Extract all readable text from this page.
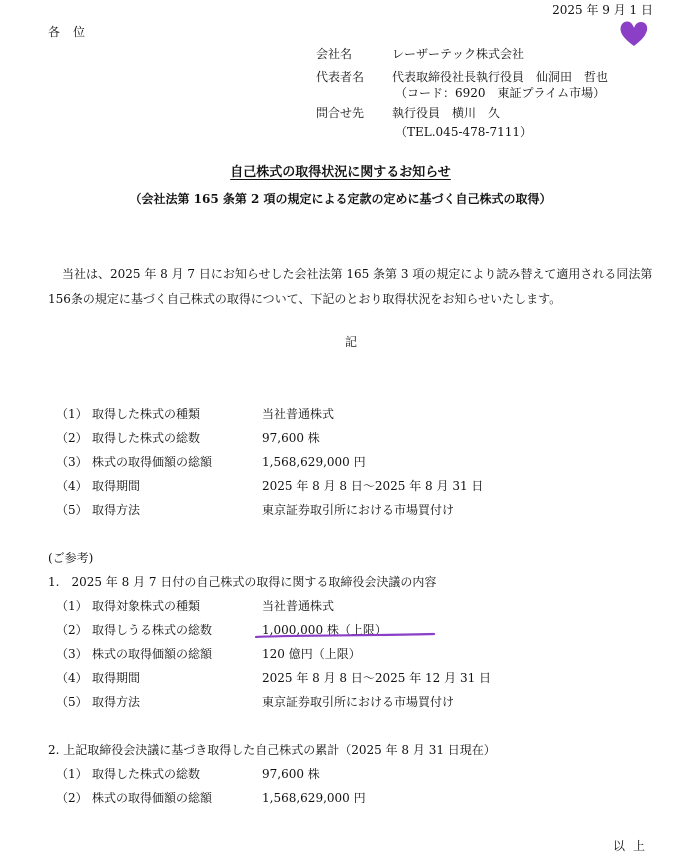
2025 年 9 月 1 日
各　位
会社名	レーザーテック株式会社
代表者名 代表取締役社長執行役員　仙洞田　哲也
（コード：6920　東証プライム市場）
問合せ先 執行役員　横川　久
（TEL.045-478-7111）
自己株式の取得状況に関するお知らせ
（会社法第 165 条第 2 項の規定による定款の定めに基づく自己株式の取得）
当社は、2025 年 8 月 7 日にお知らせした会社法第 165 条第 3 項の規定により読み替えて適用される同法第156条の規定に基づく自己株式の取得について、下記のとおり取得状況をお知らせいたします。
記
（1） 取得した株式の種類	当社普通株式
（2） 取得した株式の総数	97,600 株
（3） 株式の取得価額の総額	1,568,629,000 円
（4） 取得期間	2025 年 8 月 8 日～2025 年 8 月 31 日
（5） 取得方法	東京証券取引所における市場買付け
(ご参考)
1.　2025 年 8 月 7 日付の自己株式の取得に関する取締役会決議の内容
（1） 取得対象株式の種類	当社普通株式
（2） 取得しうる株式の総数	1,000,000 株（上限）
（3） 株式の取得価額の総額	120 億円（上限）
（4） 取得期間	2025 年 8 月 8 日～2025 年 12 月 31 日
（5） 取得方法	東京証券取引所における市場買付け
2. 上記取締役会決議に基づき取得した自己株式の累計（2025 年 8 月 31 日現在）
（1） 取得した株式の総数	97,600 株
（2） 株式の取得価額の総額	1,568,629,000 円
以上
